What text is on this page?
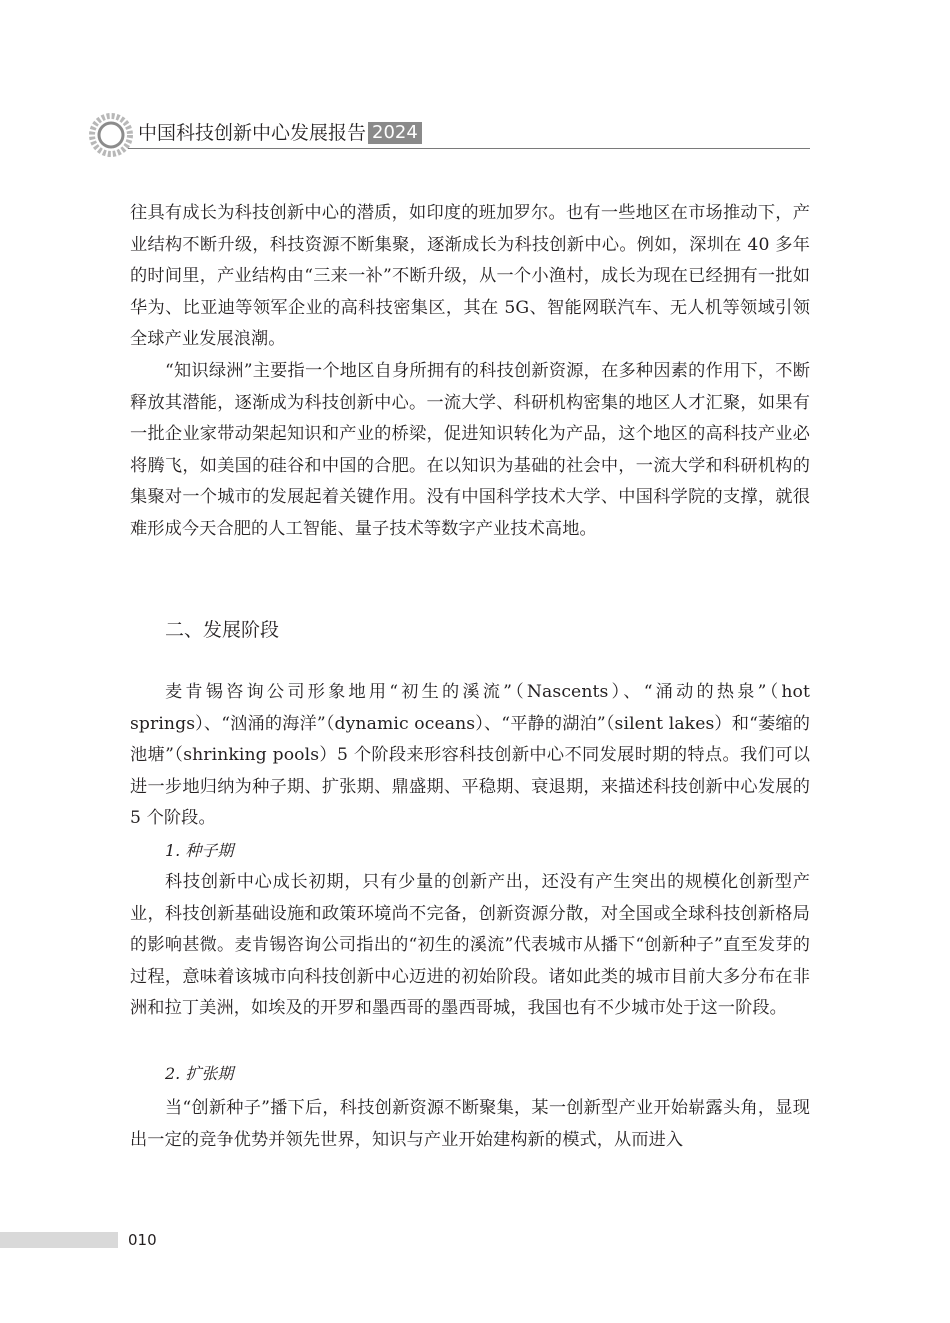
中国科技创新中心发展报告 2024

往具有成长为科技创新中心的潜质，如印度的班加罗尔。也有一些地区在市场推动下，产业结构不断升级，科技资源不断集聚，逐渐成长为科技创新中心。例如，深圳在 40 多年的时间里，产业结构由“三来一补”不断升级，从一个小渔村，成长为现在已经拥有一批如华为、比亚迪等领军企业的高科技密集区，其在 5G、智能网联汽车、无人机等领域引领全球产业发展浪潮。

“知识绿洲”主要指一个地区自身所拥有的科技创新资源，在多种因素的作用下，不断释放其潜能，逐渐成为科技创新中心。一流大学、科研机构密集的地区人才汇聚，如果有一批企业家带动架起知识和产业的桥梁，促进知识转化为产品，这个地区的高科技产业必将腾飞，如美国的硅谷和中国的合肥。在以知识为基础的社会中，一流大学和科研机构的集聚对一个城市的发展起着关键作用。没有中国科学技术大学、中国科学院的支撑，就很难形成今天合肥的人工智能、量子技术等数字产业技术高地。

二、发展阶段

麦肯锡咨询公司形象地用“初生的溪流”（Nascents）、“涌动的热泉”（hot springs）、“汹涌的海洋”（dynamic oceans）、“平静的湖泊”（silent lakes）和“萎缩的池塘”（shrinking pools）5 个阶段来形容科技创新中心不同发展时期的特点。我们可以进一步地归纳为种子期、扩张期、鼎盛期、平稳期、衰退期，来描述科技创新中心发展的 5 个阶段。

1. 种子期

科技创新中心成长初期，只有少量的创新产出，还没有产生突出的规模化创新型产业，科技创新基础设施和政策环境尚不完备，创新资源分散，对全国或全球科技创新格局的影响甚微。麦肯锡咨询公司指出的“初生的溪流”代表城市从播下“创新种子”直至发芽的过程，意味着该城市向科技创新中心迈进的初始阶段。诸如此类的城市目前大多分布在非洲和拉丁美洲，如埃及的开罗和墨西哥的墨西哥城，我国也有不少城市处于这一阶段。

2. 扩张期

当“创新种子”播下后，科技创新资源不断聚集，某一创新型产业开始崭露头角，显现出一定的竞争优势并领先世界，知识与产业开始建构新的模式，从而进入

010
